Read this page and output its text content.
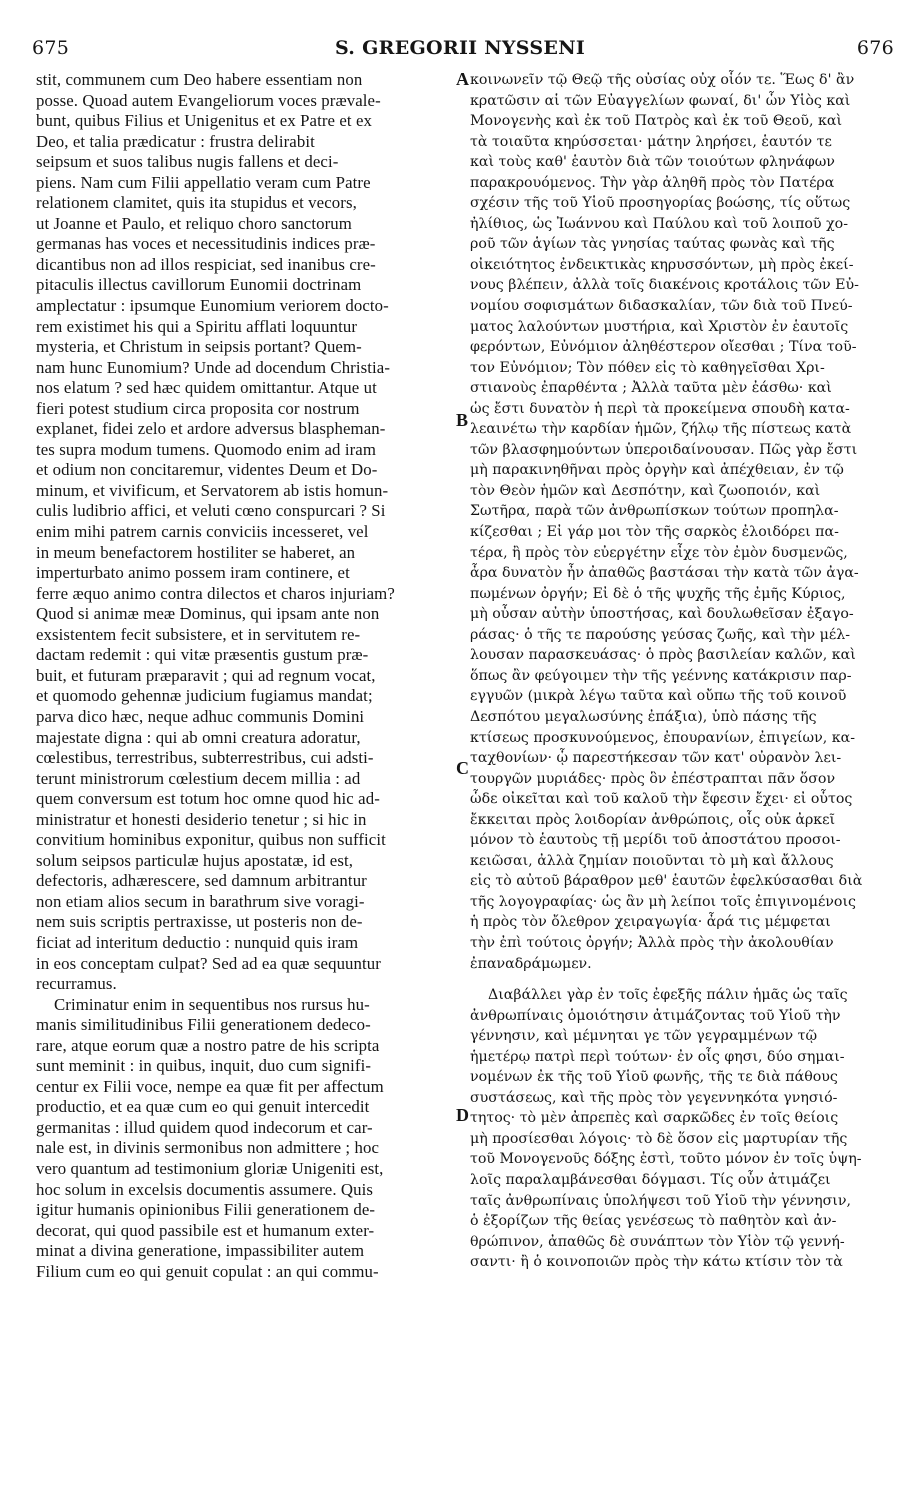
675	S. GREGORII NYSSENI	676
stit, communem cum Deo habere essentiam non
posse. Quoad autem Evangeliorum voces prævale-
bunt, quibus Filius et Unigenitus et ex Patre et ex
Deo, et talia prædicatur : frustra delirabit
seipsum et suos talibus nugis fallens et deci-
piens. Nam cum Filii appellatio veram cum Patre
relationem clamitet, quis ita stupidus et vecors,
ut Joanne et Paulo, et reliquo choro sanctorum
germanas has voces et necessitudinis indices præ-
dicantibus non ad illos respiciat, sed inanibus cre-
pitaculis illectus cavillorum Eunomii doctrinam
amplectatur : ipsumque Eunomium veriorem docto-
rem existimet his qui a Spiritu afflati loquuntur
mysteria, et Christum in seipsis portant? Quem-
nam hunc Eunomium? Unde ad docendum Christia-
nos elatum ? sed hæc quidem omittantur. Atque ut
fieri potest studium circa proposita cor nostrum
explanet, fidei zelo et ardore adversus blaspheman-
tes supra modum tumens. Quomodo enim ad iram
et odium non concitaremur, videntes Deum et Do-
minum, et vivificum, et Servatorem ab istis homun-
culis ludibrio affici, et veluti cœno conspurcari ? Si
enim mihi patrem carnis conviciis incesseret, vel
in meum benefactorem hostiliter se haberet, an
imperturbato animo possem iram continere, et
ferre æquo animo contra dilectos et charos injuriam?
Quod si animæ meæ Dominus, qui ipsam ante non
exsistentem fecit subsistere, et in servitutem re-
dactam redemit : qui vitæ præsentis gustum præ-
buit, et futuram præparavit ; qui ad regnum vocat,
et quomodo gehennæ judicium fugiamus mandat;
parva dico hæc, neque adhuc communis Domini
majestate digna : qui ab omni creatura adoratur,
cœlestibus, terrestribus, subterrestribus, cui adsti-
terunt ministrorum cœlestium decem millia : ad
quem conversum est totum hoc omne quod hic ad-
ministratur et honesti desiderio tenetur ; si hic in
convitium hominibus exponitur, quibus non sufficit
solum seipsos particulæ hujus apostatæ, id est,
defectoris, adhærescere, sed damnum arbitrantur
non etiam alios secum in barathrum sive voragi-
nem suis scriptis pertraxisse, ut posteris non de-
ficiat ad interitum deductio : nunquid quis iram
in eos conceptam culpat? Sed ad ea quæ sequuntur
recurramus.
Criminatur enim in sequentibus nos rursus hu-
manis similitudinibus Filii generationem dedeco-
rare, atque eorum quæ a nostro patre de his scripta
sunt meminit : in quibus, inquit, duo cum signifi-
centur ex Filii voce, nempe ea quæ fit per affectum
productio, et ea quæ cum eo qui genuit intercedit
germanitas : illud quidem quod indecorum et car-
nale est, in divinis sermonibus non admittere ; hoc
vero quantum ad testimonium gloriæ Unigeniti est,
hoc solum in excelsis documentis assumere. Quis
igitur humanis opinionibus Filii generationem de-
decorat, qui quod passibile est et humanum exter-
minat a divina generatione, impassibiliter autem
Filium cum eo qui genuit copulat : an qui commu-
κοινωνεῖν τῷ Θεῷ τῆς οὐσίας οὐχ οἷόν τε. Ἕως δ' ἂν
κρατῶσιν αἱ τῶν Εὐαγγελίων φωναί, δι' ὧν Υἱὸς καὶ
Μονογενὴς καὶ ἐκ τοῦ Πατρὸς καὶ ἐκ τοῦ Θεοῦ, καὶ
τὰ τοιαῦτα κηρύσσεται· μάτην ληρήσει, ἑαυτόν τε
καὶ τοὺς καθ' ἑαυτὸν διὰ τῶν τοιούτων φληνάφων
παρακρουόμενος. Τὴν γὰρ ἀληθῆ πρὸς τὸν Πατέρα
σχέσιν τῆς τοῦ Υἱοῦ προσηγορίας βοώσης, τίς οὕτως
ἠλίθιος, ὡς Ἰωάννου καὶ Παύλου καὶ τοῦ λοιποῦ χο-
ροῦ τῶν ἁγίων τὰς γνησίας ταύτας φωνὰς καὶ τῆς
οἰκειότητος ἐνδεικτικὰς κηρυσσόντων, μὴ πρὸς ἐκεί-
νους βλέπειν, ἀλλὰ τοῖς διακένοις κροτάλοις τῶν Εὐ-
νομίου σοφισμάτων διδασκαλίαν, τῶν διὰ τοῦ Πνεύ-
ματος λαλούντων μυστήρια, καὶ Χριστὸν ἐν ἑαυτοῖς
φερόντων, Εὐνόμιον ἀληθέστερον οἴεσθαι ; Τίνα τοῦ-
τον Εὐνόμιον; Τὸν πόθεν εἰς τὸ καθηγεῖσθαι Χρι-
στιανοὺς ἐπαρθέντα ; Ἀλλὰ ταῦτα μὲν ἐάσθω· καὶ
ὡς ἔστι δυνατὸν ἡ περὶ τὰ προκείμενα σπουδὴ κατα-
λεαινέτω τὴν καρδίαν ἡμῶν, ζήλῳ τῆς πίστεως κατὰ
τῶν βλασφημούντων ὑπεροιδαίνουσαν. Πῶς γὰρ ἔστι
μὴ παρακινηθῆναι πρὸς ὀργὴν καὶ ἀπέχθειαν, ἐν τῷ
τὸν Θεὸν ἡμῶν καὶ Δεσπότην, καὶ ζωοποιόν, καὶ
Σωτῆρα, παρὰ τῶν ἀνθρωπίσκων τούτων προπηλα-
κίζεσθαι ; Εἰ γάρ μοι τὸν τῆς σαρκὸς ἐλοιδόρει πα-
τέρα, ἢ πρὸς τὸν εὐεργέτην εἶχε τὸν ἐμὸν δυσμενῶς,
ἆρα δυνατὸν ἦν ἀπαθῶς βαστάσαι τὴν κατὰ τῶν ἀγα-
πωμένων ὀργήν; Εἰ δὲ ὁ τῆς ψυχῆς τῆς ἐμῆς Κύριος,
μὴ οὖσαν αὐτὴν ὑποστήσας, καὶ δουλωθεῖσαν ἐξαγο-
ράσας· ὁ τῆς τε παρούσης γεύσας ζωῆς, καὶ τὴν μέλ-
λουσαν παρασκευάσας· ὁ πρὸς βασιλείαν καλῶν, καὶ
ὅπως ἂν φεύγοιμεν τὴν τῆς γεέννης κατάκρισιν παρ-
εγγυῶν (μικρὰ λέγω ταῦτα καὶ οὔπω τῆς τοῦ κοινοῦ
Δεσπότου μεγαλωσύνης ἐπάξια), ὑπὸ πάσης τῆς
κτίσεως προσκυνούμενος, ἐπουρανίων, ἐπιγείων, κα-
ταχθονίων· ᾧ παρεστήκεσαν τῶν κατ' οὐρανὸν λει-
τουργῶν μυριάδες· πρὸς ὃν ἐπέστραπται πᾶν ὅσον
ὧδε οἰκεῖται καὶ τοῦ καλοῦ τὴν ἔφεσιν ἔχει· εἰ οὗτος
ἔκκειται πρὸς λοιδορίαν ἀνθρώποις, οἷς οὐκ ἀρκεῖ
μόνον τὸ ἑαυτοὺς τῇ μερίδι τοῦ ἀποστάτου προσοι-
κειῶσαι, ἀλλὰ ζημίαν ποιοῦνται τὸ μὴ καὶ ἄλλους
εἰς τὸ αὐτοῦ βάραθρον μεθ' ἑαυτῶν ἐφελκύσασθαι διὰ
τῆς λογογραφίας· ὡς ἂν μὴ λείποι τοῖς ἐπιγινομένοις
ἡ πρὸς τὸν ὄλεθρον χειραγωγία· ἆρά τις μέμφεται
τὴν ἐπὶ τούτοις ὀργήν; Ἀλλὰ πρὸς τὴν ἀκολουθίαν
ἐπαναδράμωμεν.
Διαβάλλει γὰρ ἐν τοῖς ἐφεξῆς πάλιν ἡμᾶς ὡς ταῖς
ἀνθρωπίναις ὁμοιότησιν ἀτιμάζοντας τοῦ Υἱοῦ τὴν
γέννησιν, καὶ μέμνηται γε τῶν γεγραμμένων τῷ
ἡμετέρῳ πατρὶ περὶ τούτων· ἐν οἷς φησι, δύο σημαι-
νομένων ἐκ τῆς τοῦ Υἱοῦ φωνῆς, τῆς τε διὰ πάθους
συστάσεως, καὶ τῆς πρὸς τὸν γεγεννηκότα γνησιό-
τητος· τὸ μὲν ἀπρεπὲς καὶ σαρκῶδες ἐν τοῖς θείοις
μὴ προσίεσθαι λόγοις· τὸ δὲ ὅσον εἰς μαρτυρίαν τῆς
τοῦ Μονογενοῦς δόξης ἐστὶ, τοῦτο μόνον ἐν τοῖς ὑψη-
λοῖς παραλαμβάνεσθαι δόγμασι. Τίς οὖν ἀτιμάζει
ταῖς ἀνθρωπίναις ὑπολήψεσι τοῦ Υἱοῦ τὴν γέννησιν,
ὁ ἐξορίζων τῆς θείας γενέσεως τὸ παθητὸν καὶ ἀν-
θρώπινον, ἀπαθῶς δὲ συνάπτων τὸν Υἱὸν τῷ γεννή-
σαντι· ἢ ὁ κοινοποιῶν πρὸς τὴν κάτω κτίσιν τὸν τὰ
A
B
C
D
